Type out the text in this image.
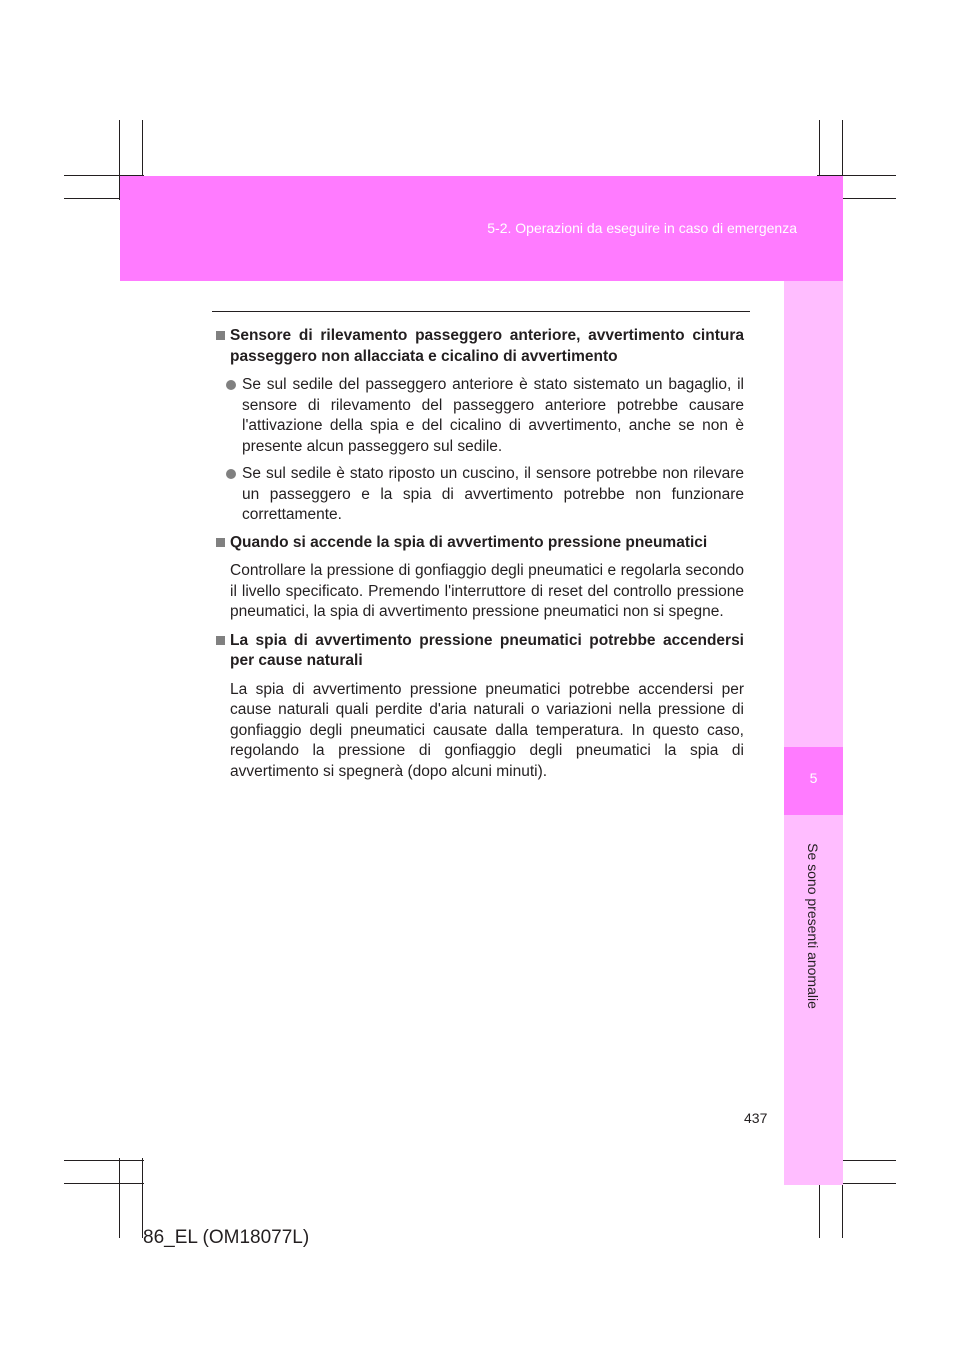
5-2. Operazioni da eseguire in caso di emergenza
5
Se sono presenti anomalie
Sensore di rilevamento passeggero anteriore, avvertimento cintura passeggero non allacciata e cicalino di avvertimento
Se sul sedile del passeggero anteriore è stato sistemato un bagaglio, il sensore di rilevamento del passeggero anteriore potrebbe causare l'attivazione della spia e del cicalino di avvertimento, anche se non è presente alcun passeggero sul sedile.
Se sul sedile è stato riposto un cuscino, il sensore potrebbe non rilevare un passeggero e la spia di avvertimento potrebbe non funzionare correttamente.
Quando si accende la spia di avvertimento pressione pneumatici
Controllare la pressione di gonfiaggio degli pneumatici e regolarla secondo il livello specificato. Premendo l'interruttore di reset del controllo pressione pneumatici, la spia di avvertimento pressione pneumatici non si spegne.
La spia di avvertimento pressione pneumatici potrebbe accendersi per cause naturali
La spia di avvertimento pressione pneumatici potrebbe accendersi per cause naturali quali perdite d'aria naturali o variazioni nella pressione di gonfiaggio degli pneumatici causate dalla temperatura. In questo caso, regolando la pressione di gonfiaggio degli pneumatici la spia di avvertimento si spegnerà (dopo alcuni minuti).
437
86_EL (OM18077L)
